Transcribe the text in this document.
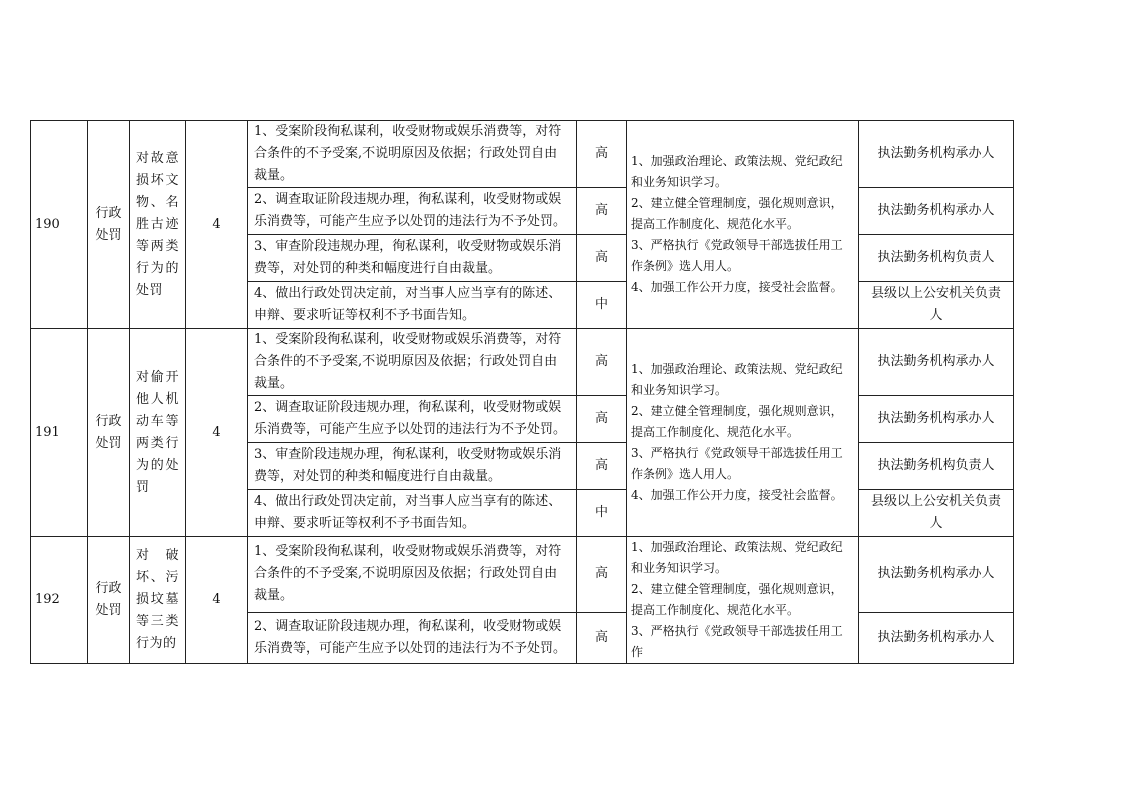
190	行政处罚	对故意损坏文物、名胜古迹等两类行为的处罚	4	1、受案阶段徇私谋利，收受财物或娱乐消费等，对符合条件的不予受案,不说明原因及依据；行政处罚自由裁量。	高	1、加强政治理论、政策法规、党纪政纪和业务知识学习。
2、建立健全管理制度，强化规则意识，提高工作制度化、规范化水平。
3、严格执行《党政领导干部选拔任用工作条例》选人用人。
4、加强工作公开力度，接受社会监督。	执法勤务机构承办人
				2、调查取证阶段违规办理，徇私谋利，收受财物或娱乐消费等，可能产生应予以处罚的违法行为不予处罚。	高		执法勤务机构承办人
				3、审查阶段违规办理，徇私谋利，收受财物或娱乐消费等，对处罚的种类和幅度进行自由裁量。	高		执法勤务机构负责人
				4、做出行政处罚决定前，对当事人应当享有的陈述、申辩、要求听证等权利不予书面告知。	中		县级以上公安机关负责人
191	行政处罚	对偷开他人机动车等两类行为的处罚	4	1、受案阶段徇私谋利，收受财物或娱乐消费等，对符合条件的不予受案,不说明原因及依据；行政处罚自由裁量。	高	1、加强政治理论、政策法规、党纪政纪和业务知识学习。
2、建立健全管理制度，强化规则意识，提高工作制度化、规范化水平。
3、严格执行《党政领导干部选拔任用工作条例》选人用人。
4、加强工作公开力度，接受社会监督。	执法勤务机构承办人
				2、调查取证阶段违规办理，徇私谋利，收受财物或娱乐消费等，可能产生应予以处罚的违法行为不予处罚。	高		执法勤务机构承办人
				3、审查阶段违规办理，徇私谋利，收受财物或娱乐消费等，对处罚的种类和幅度进行自由裁量。	高		执法勤务机构负责人
				4、做出行政处罚决定前，对当事人应当享有的陈述、申辩、要求听证等权利不予书面告知。	中		县级以上公安机关负责人
192	行政处罚	对破坏、污损坟墓等三类行为的	4	1、受案阶段徇私谋利，收受财物或娱乐消费等，对符合条件的不予受案,不说明原因及依据；行政处罚自由裁量。	高	1、加强政治理论、政策法规、党纪政纪和业务知识学习。
2、建立健全管理制度，强化规则意识，提高工作制度化、规范化水平。
3、严格执行《党政领导干部选拔任用工作	执法勤务机构承办人
				2、调查取证阶段违规办理，徇私谋利，收受财物或娱乐消费等，可能产生应予以处罚的违法行为不予处罚。	高		执法勤务机构承办人
